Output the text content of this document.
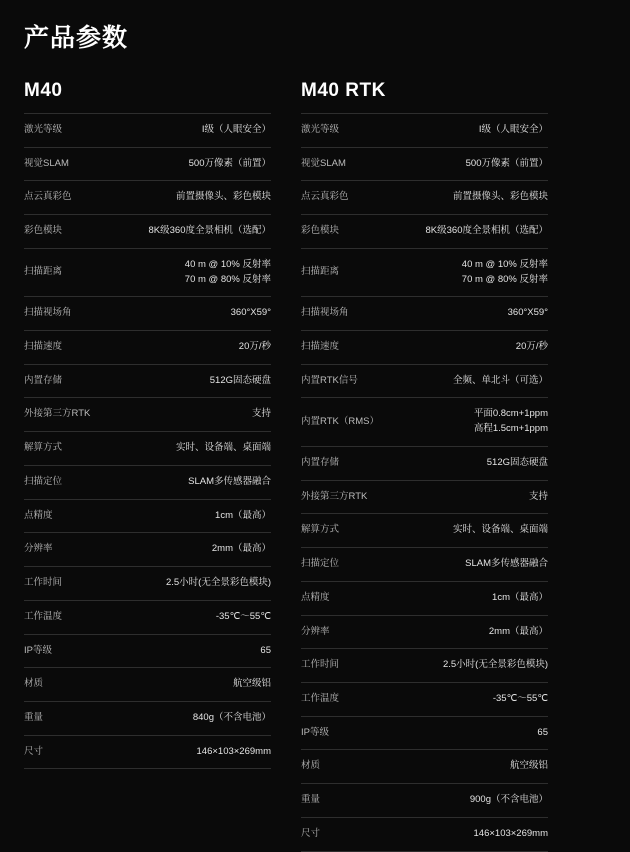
产品参数
M40
激光等级	I级（人眼安全）

视觉SLAM	500万像素（前置）

点云真彩色	前置摄像头、彩色模块

彩色模块	8K级360度全景相机（选配）

扫描距离	40 m @ 10% 反射率
70 m @ 80% 反射率

扫描视场角	360°X59°

扫描速度	20万/秒

内置存储	512G固态硬盘

外接第三方RTK	支持

解算方式	实时、设备端、桌面端

扫描定位	SLAM多传感器融合

点精度	1cm（最高）

分辨率	2mm（最高）

工作时间	2.5小时(无全景彩色模块)

工作温度	-35℃～55℃

IP等级	65

材质	航空级铝

重量	840g（不含电池）

尺寸	146×103×269mm
M40 RTK
激光等级	I级（人眼安全）

视觉SLAM	500万像素（前置）

点云真彩色	前置摄像头、彩色模块

彩色模块	8K级360度全景相机（选配）

扫描距离	40 m @ 10% 反射率
70 m @ 80% 反射率

扫描视场角	360°X59°

扫描速度	20万/秒

内置RTK信号	全频、单北斗（可选）

内置RTK（RMS）	平面0.8cm+1ppm
高程1.5cm+1ppm

内置存储	512G固态硬盘

外接第三方RTK	支持

解算方式	实时、设备端、桌面端

扫描定位	SLAM多传感器融合

点精度	1cm（最高）

分辨率	2mm（最高）

工作时间	2.5小时(无全景彩色模块)

工作温度	-35℃～55℃

IP等级	65

材质	航空级铝

重量	900g（不含电池）

尺寸	146×103×269mm
